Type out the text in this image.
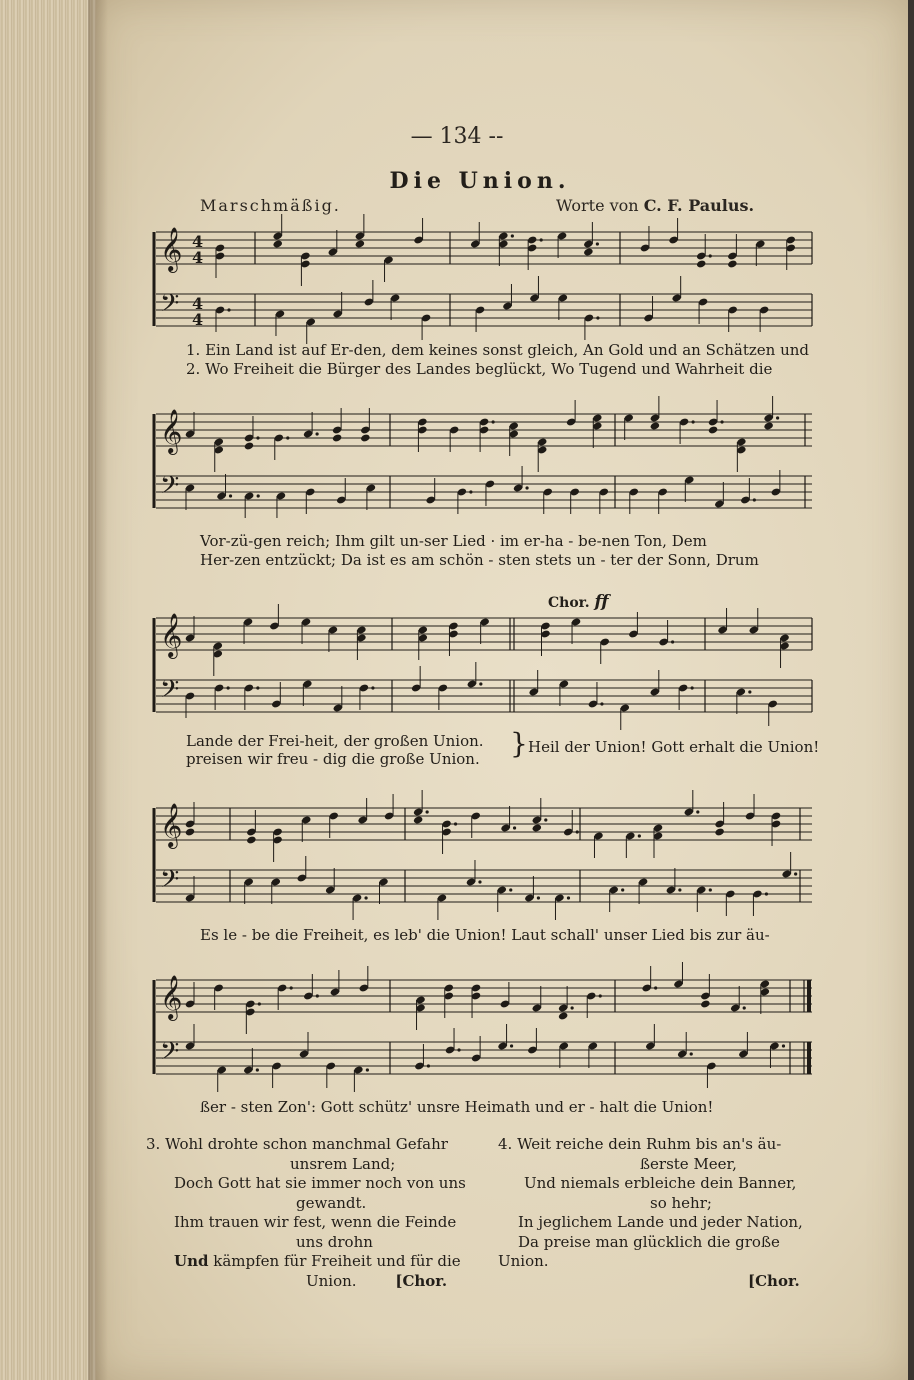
— 134 --
Die Union.
Marschmäßig.	Worte von C. F. Paulus.
𝄞 4
4
𝄢 4
4
1. Ein Land ist auf Er-den, dem keines sonst gleich, An Gold und an Schätzen und
2. Wo Freiheit die Bürger des Landes beglückt, Wo Tugend und Wahrheit die
𝄞
𝄢
Vor-zü-gen reich; Ihm gilt un-ser Lied · im er-ha - be-nen Ton, Dem
Her-zen entzückt; Da ist es am schön - sten stets un - ter der Sonn, Drum
Chor. ff
𝄞
𝄢
Lande der Frei-heit, der großen Union.
preisen wir freu - dig die große Union. } Heil der Union! Gott erhalt die Union!
𝄞
𝄢
Es le - be die Freiheit, es leb' die Union! Laut schall' unser Lied bis zur äu-
𝄞
𝄢
ßer - sten Zon': Gott schütz' unsre Heimath und er - halt die Union!
3. Wohl drohte schon manchmal Gefahr

unsrem Land;
Doch Gott hat sie immer noch von uns

gewandt.
Ihm trauen wir fest, wenn die Feinde

uns drohn
Und kämpfen für Freiheit und für die
Union.	[Chor.
4. Weit reiche dein Ruhm bis an's äu-
ßerste Meer,
Und niemals erbleiche dein Banner,
so hehr;
In jeglichem Lande und jeder Nation,
Da preise man glücklich die große Union.
[Chor.
